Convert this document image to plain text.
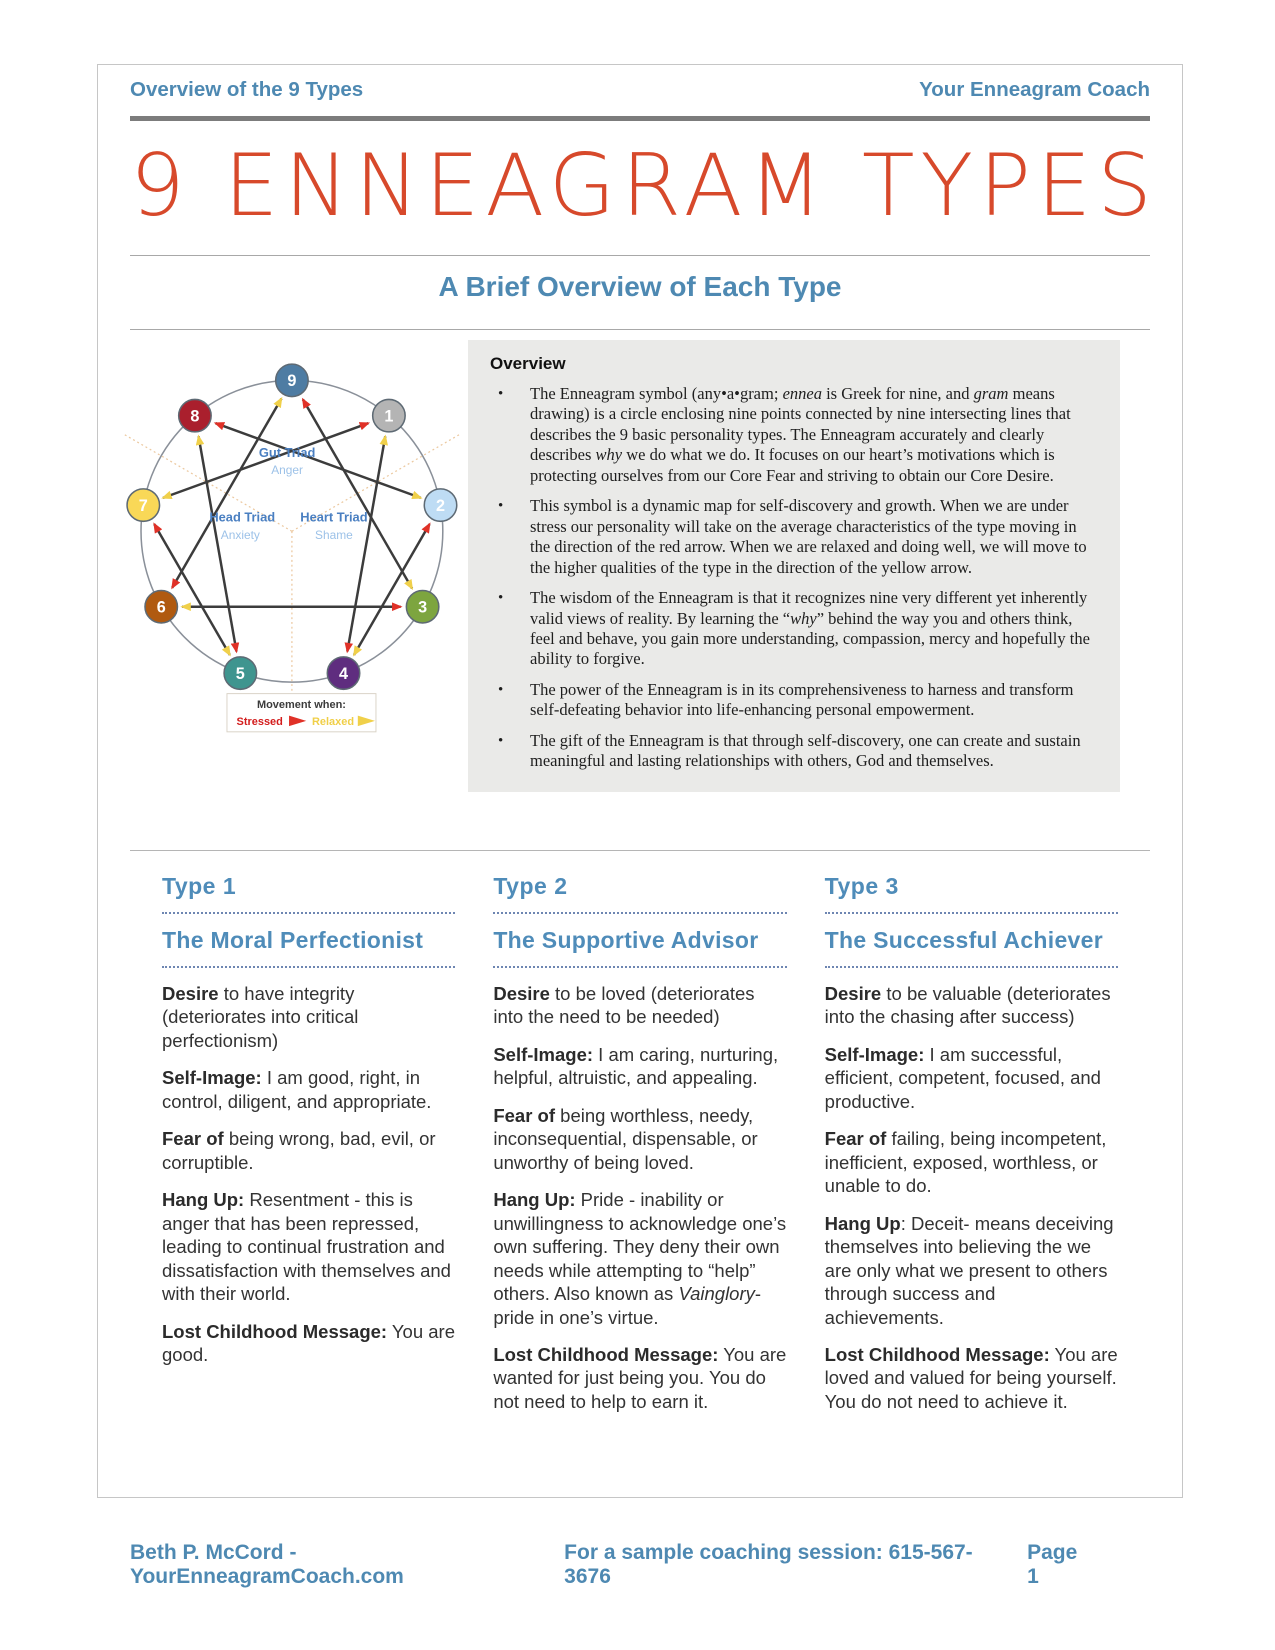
Overview of the 9 Types	Your Enneagram Coach
9 ENNEAGRAM TYPES
A Brief Overview of Each Type
Gut Triad
Anger
Head Triad
Anxiety
Heart Triad
Shame
1
2
3
4
5
6
7
8
9
Movement when:
Stressed	Relaxed
Overview
• The Enneagram symbol (any•a•gram; ennea is Greek for nine, and gram means drawing) is a circle enclosing nine points connected by nine intersecting lines that describes the 9 basic personality types. The Enneagram accurately and clearly describes why we do what we do. It focuses on our heart’s motivations which is protecting ourselves from our Core Fear and striving to obtain our Core Desire.
• This symbol is a dynamic map for self-discovery and growth. When we are under stress our personality will take on the average characteristics of the type moving in the direction of the red arrow. When we are relaxed and doing well, we will move to the higher qualities of the type in the direction of the yellow arrow.
• The wisdom of the Enneagram is that it recognizes nine very different yet inherently valid views of reality. By learning the “why” behind the way you and others think, feel and behave, you gain more understanding, compassion, mercy and hopefully the ability to forgive.
• The power of the Enneagram is in its comprehensiveness to harness and transform self-defeating behavior into life-enhancing personal empowerment.
• The gift of the Enneagram is that through self-discovery, one can create and sustain meaningful and lasting relationships with others, God and themselves.
Type 1
The Moral Perfectionist

Desire to have integrity (deteriorates into critical perfectionism)

Self-Image: I am good, right, in control, diligent, and appropriate.

Fear of being wrong, bad, evil, or corruptible.

Hang Up: Resentment - this is anger that has been repressed, leading to continual frustration and dissatisfaction with themselves and with their world.

Lost Childhood Message: You are good.

Type 2
The Supportive Advisor

Desire to be loved (deteriorates into the need to be needed)

Self-Image: I am caring, nurturing, helpful, altruistic, and appealing.

Fear of being worthless, needy, inconsequential, dispensable, or unworthy of being loved.

Hang Up: Pride - inability or unwillingness to acknowledge one’s own suffering. They deny their own needs while attempting to “help” others. Also known as Vainglory- pride in one’s virtue.

Lost Childhood Message: You are wanted for just being you. You do not need to help to earn it.

Type 3
The Successful Achiever

Desire to be valuable (deteriorates into the chasing after success)

Self-Image: I am successful, efficient, competent, focused, and productive.

Fear of failing, being incompetent, inefficient, exposed, worthless, or unable to do.

Hang Up: Deceit- means deceiving themselves into believing the we are only what we present to others through success and achievements.

Lost Childhood Message: You are loved and valued for being yourself. You do not need to achieve it.

Beth P. McCord - YourEnneagramCoach.com
For a sample coaching session: 615-567-3676
Page 1
